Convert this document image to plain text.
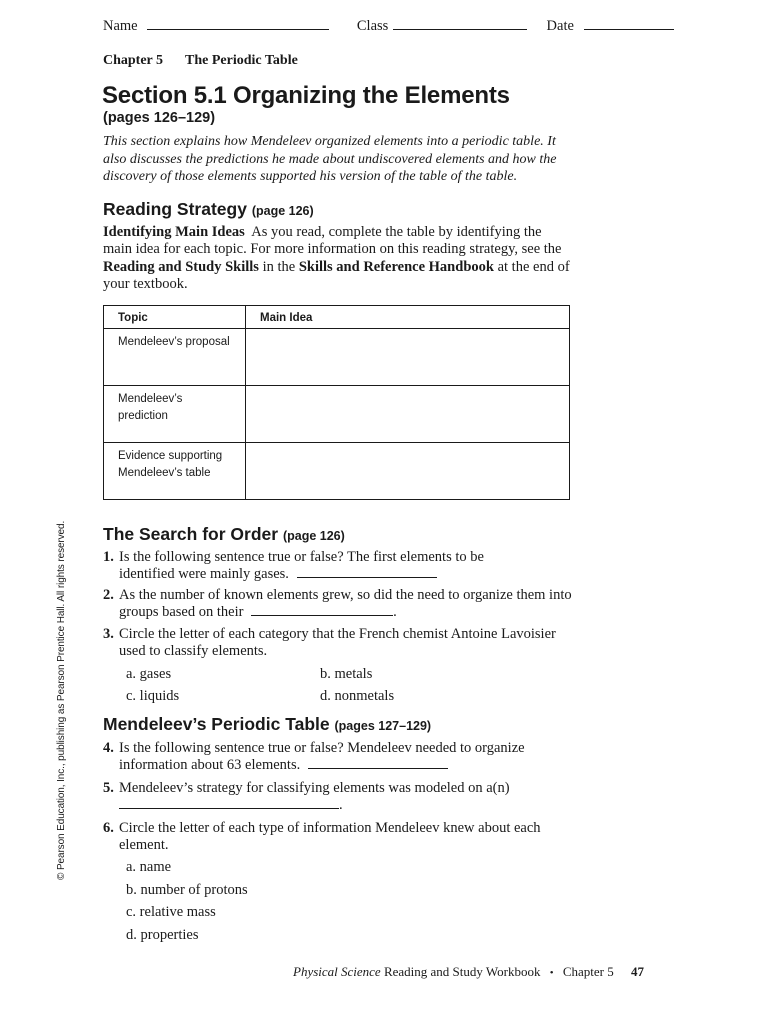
Name	Class	Date
Chapter 5 The Periodic Table
Section 5.1 Organizing the Elements
(pages 126–129)
This section explains how Mendeleev organized elements into a periodic table. It also discusses the predictions he made about undiscovered elements and how the discovery of those elements supported his version of the table of the table.
Reading Strategy (page 126)
Identifying Main Ideas As you read, complete the table by identifying the main idea for each topic. For more information on this reading strategy, see the Reading and Study Skills in the Skills and Reference Handbook at the end of your textbook.
Topic	Main Idea
Mendeleev’s proposal	
Mendeleev’s prediction	
Evidence supporting Mendeleev’s table	
The Search for Order (page 126)
1. Is the following sentence true or false? The first elements to be identified were mainly gases.
2. As the number of known elements grew, so did the need to organize them into groups based on their	.
3. Circle the letter of each category that the French chemist Antoine Lavoisier used to classify elements.
a. gases	b. metals
c. liquids	d. nonmetals
Mendeleev’s Periodic Table (pages 127–129)
4. Is the following sentence true or false? Mendeleev needed to organize information about 63 elements.
5. Mendeleev’s strategy for classifying elements was modeled on a(n) .
6. Circle the letter of each type of information Mendeleev knew about each element.
a. name
b. number of protons
c. relative mass
d. properties
© Pearson Education, Inc., publishing as Pearson Prentice Hall. All rights reserved.
Physical Science Reading and Study Workbook • Chapter 5 47
